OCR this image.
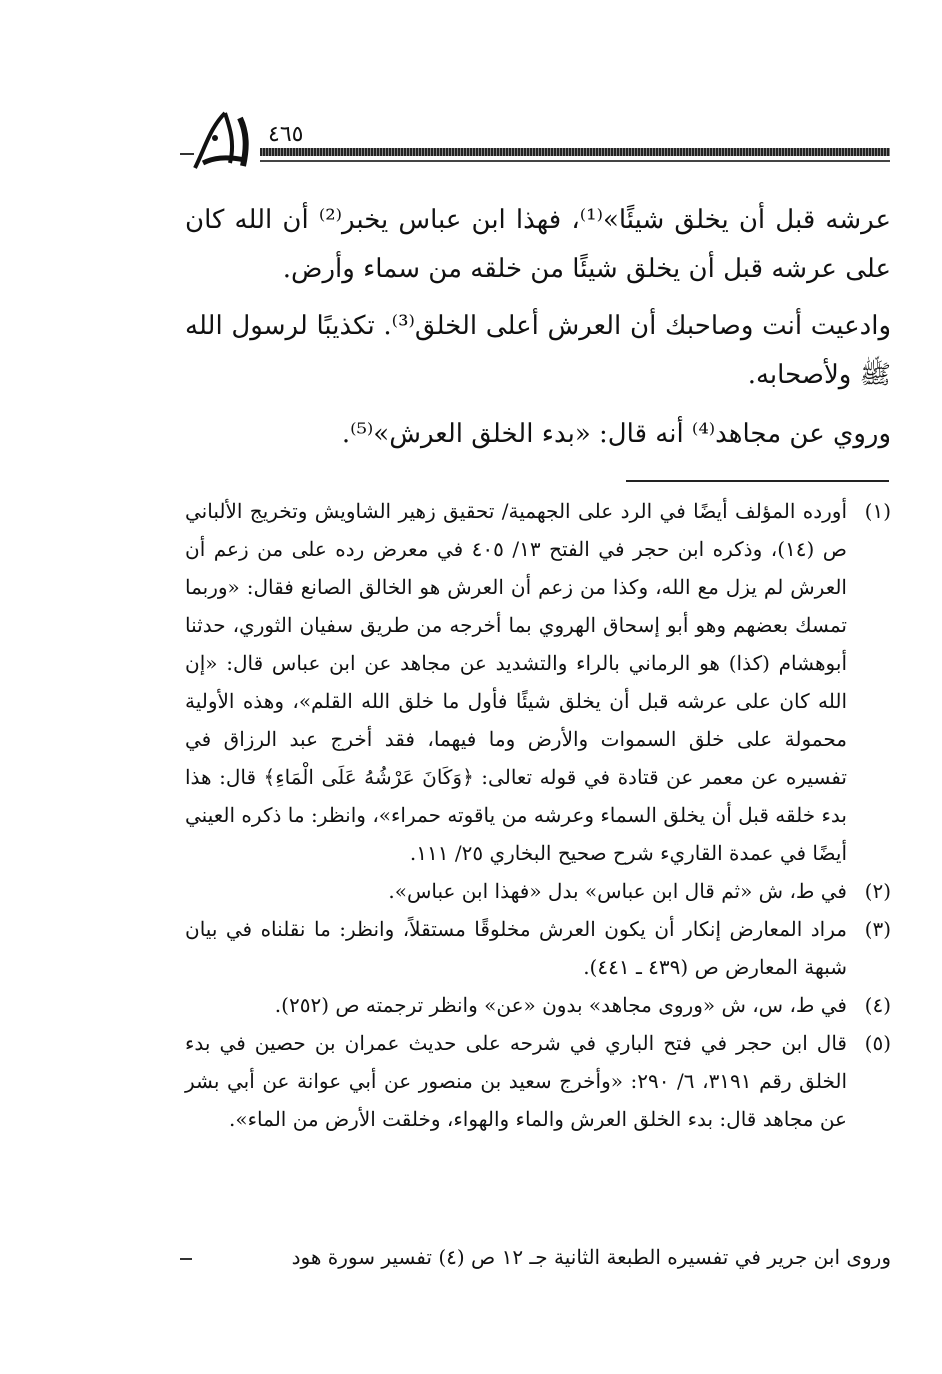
٤٦٥

عرشه قبل أن يخلق شيئًا»⁽¹⁾، فهذا ابن عباس يخبر⁽²⁾ أن الله كان على عرشه قبل أن يخلق شيئًا من خلقه من سماء وأرض.

وادعيت أنت وصاحبك أن العرش أعلى الخلق⁽³⁾. تكذيبًا لرسول الله ﷺ ولأصحابه.

وروي عن مجاهد⁽⁴⁾ أنه قال: «بدء الخلق العرش»⁽⁵⁾.

(١)
أورده المؤلف أيضًا في الرد على الجهمية/ تحقيق زهير الشاويش وتخريج الألباني ص (١٤)، وذكره ابن حجر في الفتح ١٣/ ٤٠٥ في معرض رده على من زعم أن العرش لم يزل مع الله، وكذا من زعم أن العرش هو الخالق الصانع فقال: «وربما تمسك بعضهم وهو أبو إسحاق الهروي بما أخرجه من طريق سفيان الثوري، حدثنا أبوهشام (كذا) هو الرماني بالراء والتشديد عن مجاهد عن ابن عباس قال: «إن الله كان على عرشه قبل أن يخلق شيئًا فأول ما خلق الله القلم»، وهذه الأولية محمولة على خلق السموات والأرض وما فيهما، فقد أخرج عبد الرزاق في تفسيره عن معمر عن قتادة في قوله تعالى: ﴿وَكَانَ عَرْشُهُ عَلَى الْمَاءِ﴾ قال: هذا بدء خلقه قبل أن يخلق السماء وعرشه من ياقوته حمراء»، وانظر: ما ذكره العيني أيضًا في عمدة القاريء شرح صحيح البخاري ٢٥/ ١١١.
(٢)
في ط، ش «ثم قال ابن عباس» بدل «فهذا ابن عباس».
(٣)
مراد المعارض إنكار أن يكون العرش مخلوقًا مستقلاً، وانظر: ما نقلناه في بيان شبهة المعارض ص (٤٣٩ ـ ٤٤١).
(٤)
في ط، س، ش «وروى مجاهد» بدون «عن» وانظر ترجمته ص (٢٥٢).
(٥)
قال ابن حجر في فتح الباري في شرحه على حديث عمران بن حصين في بدء الخلق رقم ٣١٩١، ٦/ ٢٩٠: «وأخرج سعيد بن منصور عن أبي عوانة عن أبي بشر عن مجاهد قال: بدء الخلق العرش والماء والهواء، وخلقت الأرض من الماء».
وروى ابن جرير في تفسيره الطبعة الثانية جـ ١٢ ص (٤) تفسير سورة هود
